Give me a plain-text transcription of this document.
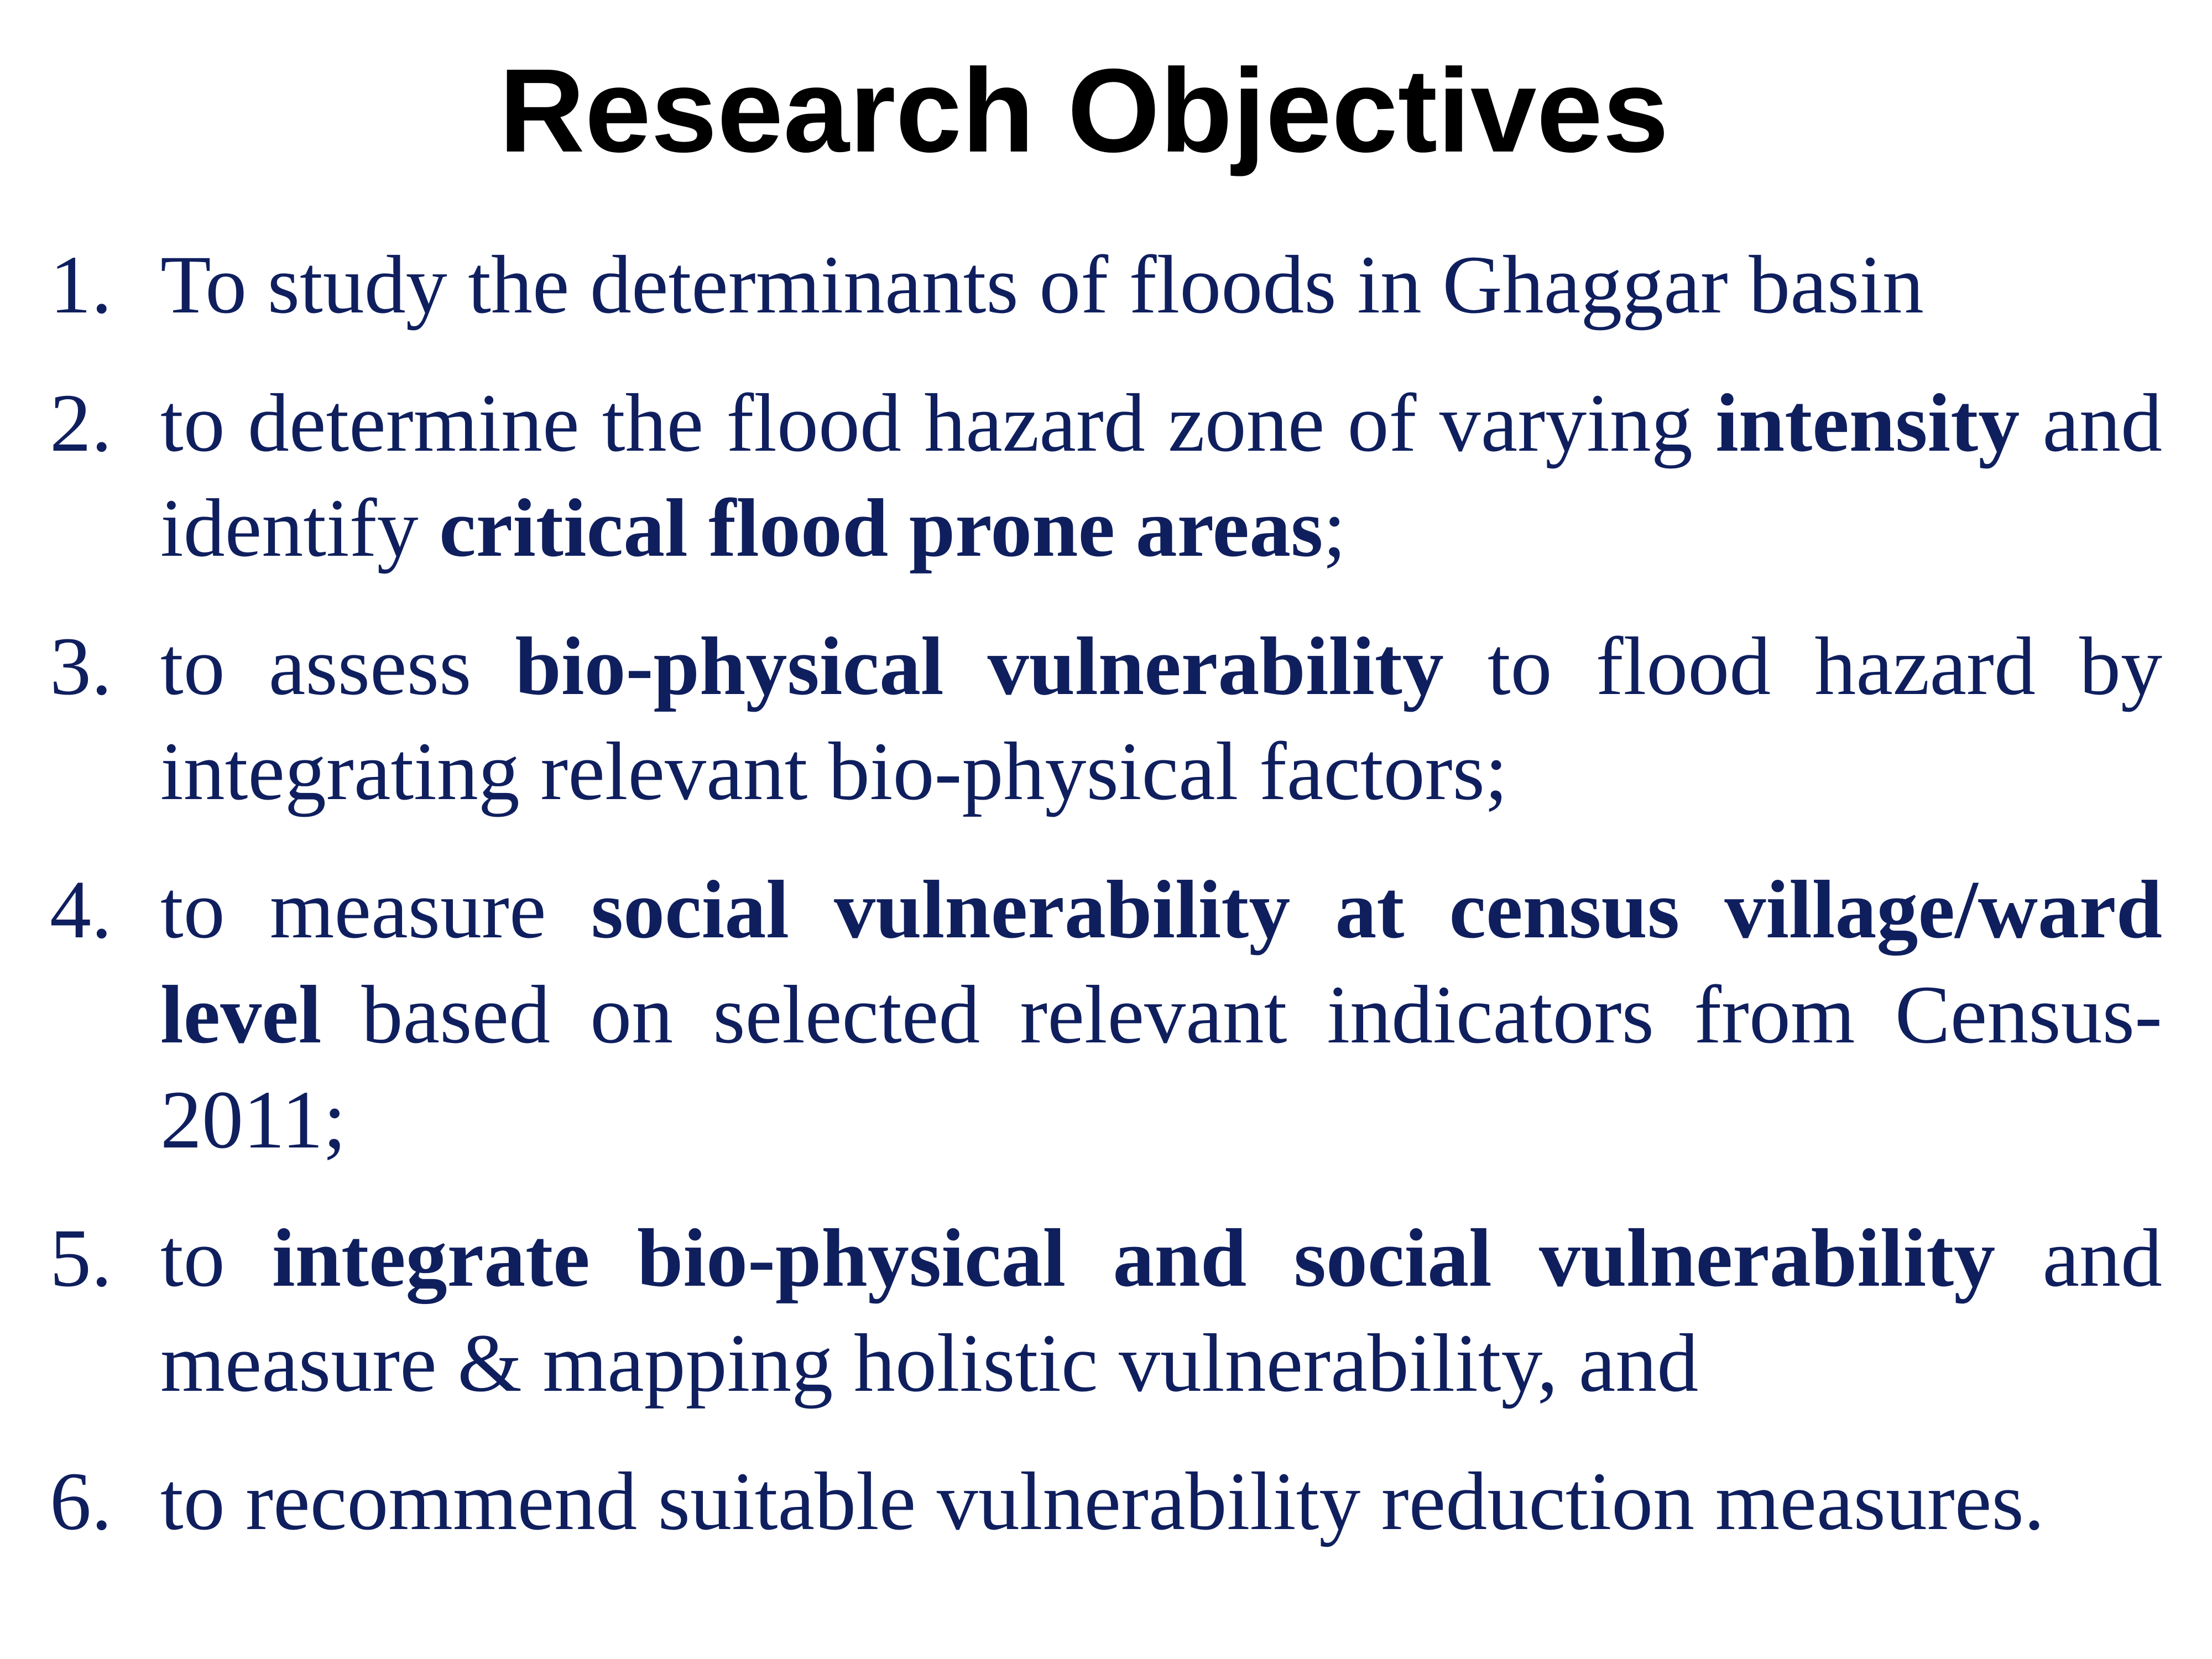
Research Objectives
1. To study the determinants of floods in Ghaggar basin
2. to determine the flood hazard zone of varying intensity and identify critical flood prone areas;
3. to assess bio-physical vulnerability to flood hazard by integrating relevant bio-physical factors;
4. to measure social vulnerability at census village/ward level based on selected relevant indicators from Census-2011;
5. to integrate bio-physical and social vulnerability and measure & mapping holistic vulnerability, and
6. to recommend suitable vulnerability reduction measures.
